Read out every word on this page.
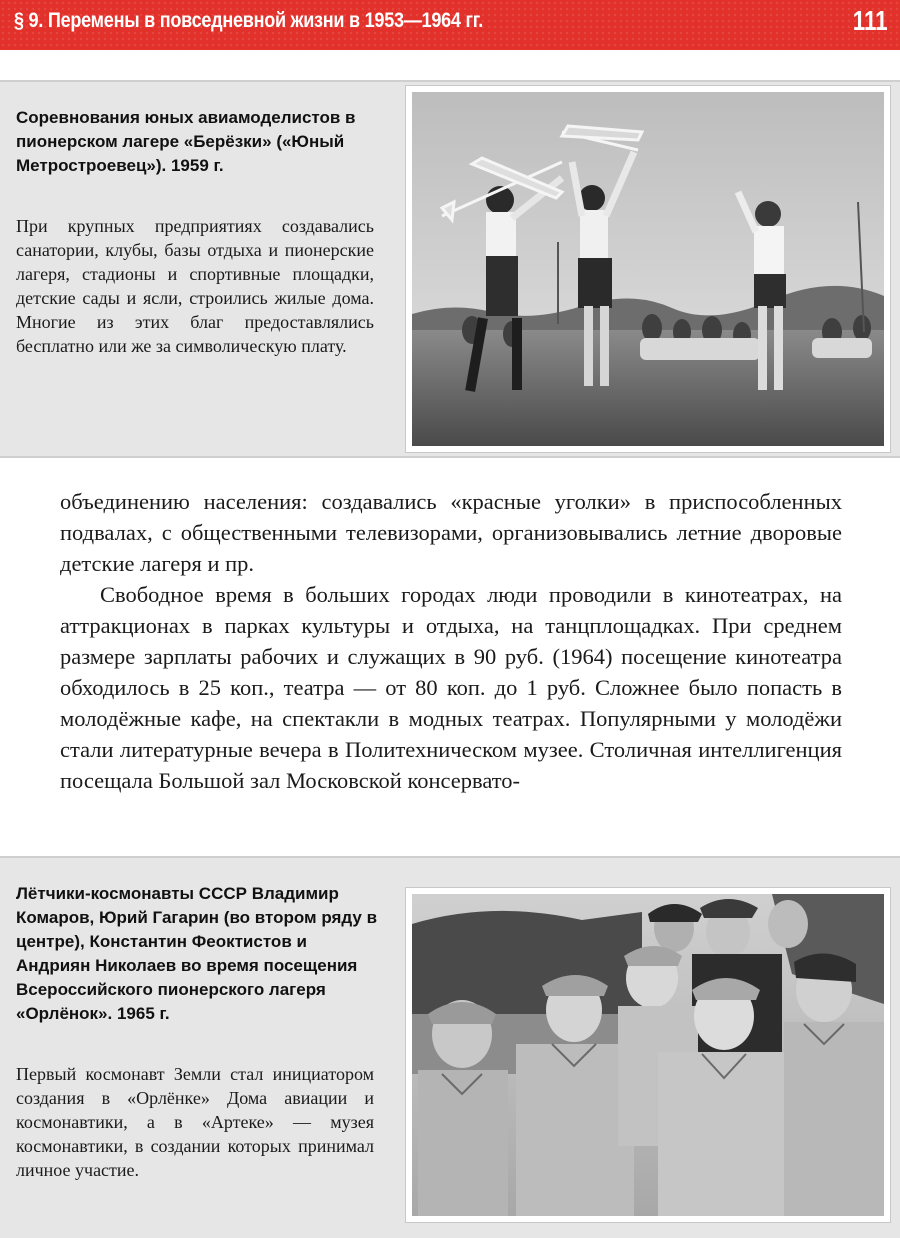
§ 9. Перемены в повседневной жизни в 1953—1964 гг.	111

Соревнования юных авиамоделистов в пионерском лагере «Берёзки» («Юный Метростроевец»). 1959 г.

При крупных предприятиях создавались санатории, клубы, базы отдыха и пионерские лагеря, стадионы и спортивные площадки, детские сады и ясли, строились жилые дома. Многие из этих благ предоставлялись бесплатно или же за символическую плату.

объединению населения: создавались «красные уголки» в приспособленных подвалах, с общественными телевизорами, организовывались летние дворовые детские лагеря и пр.

Свободное время в больших городах люди проводили в кинотеатрах, на аттракционах в парках культуры и отдыха, на танцплощадках. При среднем размере зарплаты рабочих и служащих в 90 руб. (1964) посещение кинотеатра обходилось в 25 коп., театра — от 80 коп. до 1 руб. Сложнее было попасть в молодёжные кафе, на спектакли в модных театрах. Популярными у молодёжи стали литературные вечера в Политехническом музее. Столичная интеллигенция посещала Большой зал Московской консервато-

Лётчики-космонавты СССР Владимир Комаров, Юрий Гагарин (во втором ряду в центре), Константин Феоктистов и Андриян Николаев во время посещения Всероссийского пионерского лагеря «Орлёнок». 1965 г.

Первый космонавт Земли стал инициатором создания в «Орлёнке» Дома авиации и космонавтики, а в «Артеке» — музея космонавтики, в создании которых принимал личное участие.
